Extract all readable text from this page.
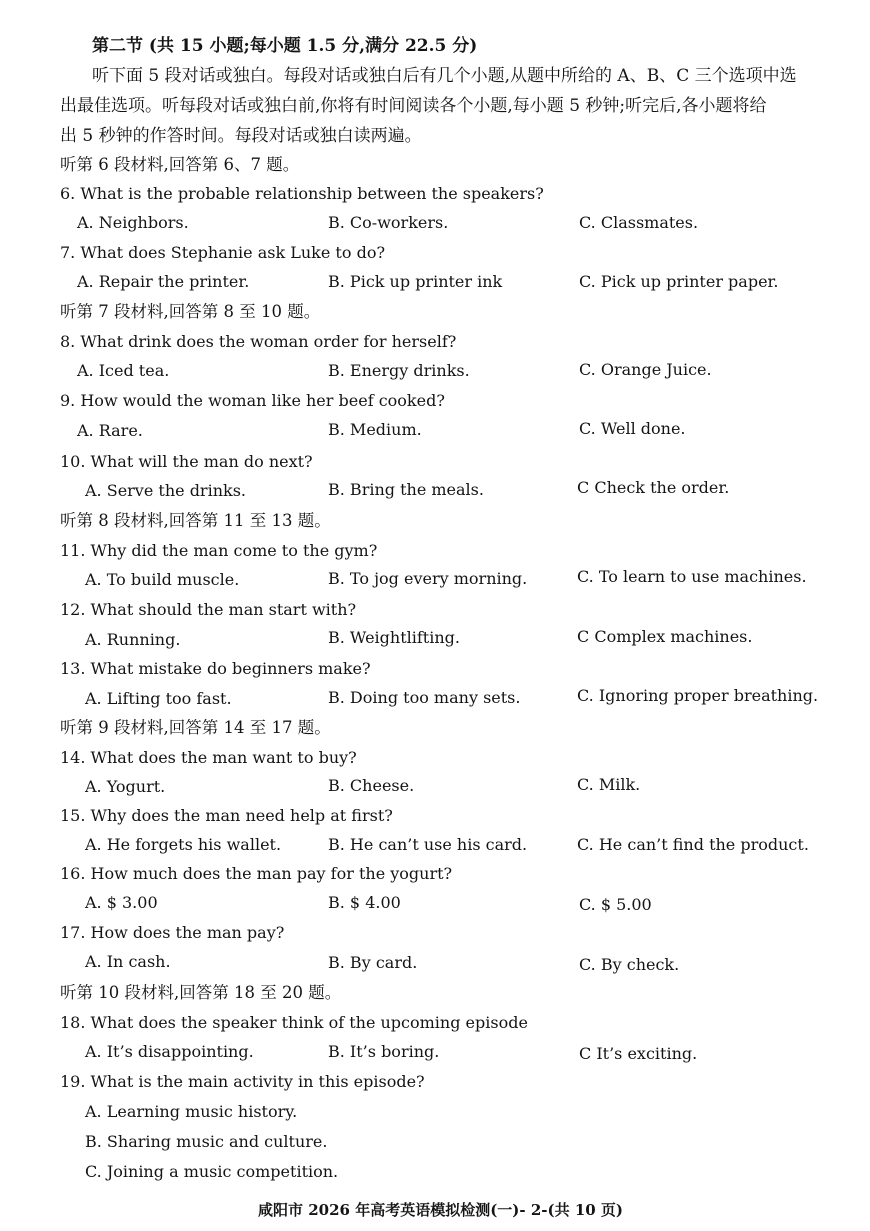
第二节 (共 15 小题;每小题 1.5 分,满分 22.5 分)
听下面 5 段对话或独白。每段对话或独白后有几个小题,从题中所给的 A、B、C 三个选项中选
出最佳选项。听每段对话或独白前,你将有时间阅读各个小题,每小题 5 秒钟;听完后,各小题将给
出 5 秒钟的作答时间。每段对话或独白读两遍。
听第 6 段材料,回答第 6、7 题。
6. What is the probable relationship between the speakers?
A. Neighbors.	B. Co-workers.	C. Classmates.
7. What does Stephanie ask Luke to do?
A. Repair the printer.	B. Pick up printer ink	C. Pick up printer paper.
听第 7 段材料,回答第 8 至 10 题。
8. What drink does the woman order for herself?
A. Iced tea.	B. Energy drinks.	C. Orange Juice.
9. How would the woman like her beef cooked?
A. Rare.	B. Medium.	C. Well done.
10. What will the man do next?
A. Serve the drinks.	B. Bring the meals.	C Check the order.
听第 8 段材料,回答第 11 至 13 题。
11. Why did the man come to the gym?
A. To build muscle.	B. To jog every morning.	C. To learn to use machines.
12. What should the man start with?
A. Running.	B. Weightlifting.	C Complex machines.
13. What mistake do beginners make?
A. Lifting too fast.	B. Doing too many sets.	C. Ignoring proper breathing.
听第 9 段材料,回答第 14 至 17 题。
14. What does the man want to buy?
A. Yogurt.	B. Cheese.	C. Milk.
15. Why does the man need help at first?
A. He forgets his wallet.	B. He can’t use his card.	C. He can’t find the product.
16. How much does the man pay for the yogurt?
A. $ 3.00	B. $ 4.00	C. $ 5.00
17. How does the man pay?
A. In cash.	B. By card.	C. By check.
听第 10 段材料,回答第 18 至 20 题。
18. What does the speaker think of the upcoming episode
A. It’s disappointing.	B. It’s boring.	C It’s exciting.
19. What is the main activity in this episode?
A. Learning music history.
B. Sharing music and culture.
C. Joining a music competition.
咸阳市 2026 年高考英语模拟检测(一)- 2-(共 10 页)
